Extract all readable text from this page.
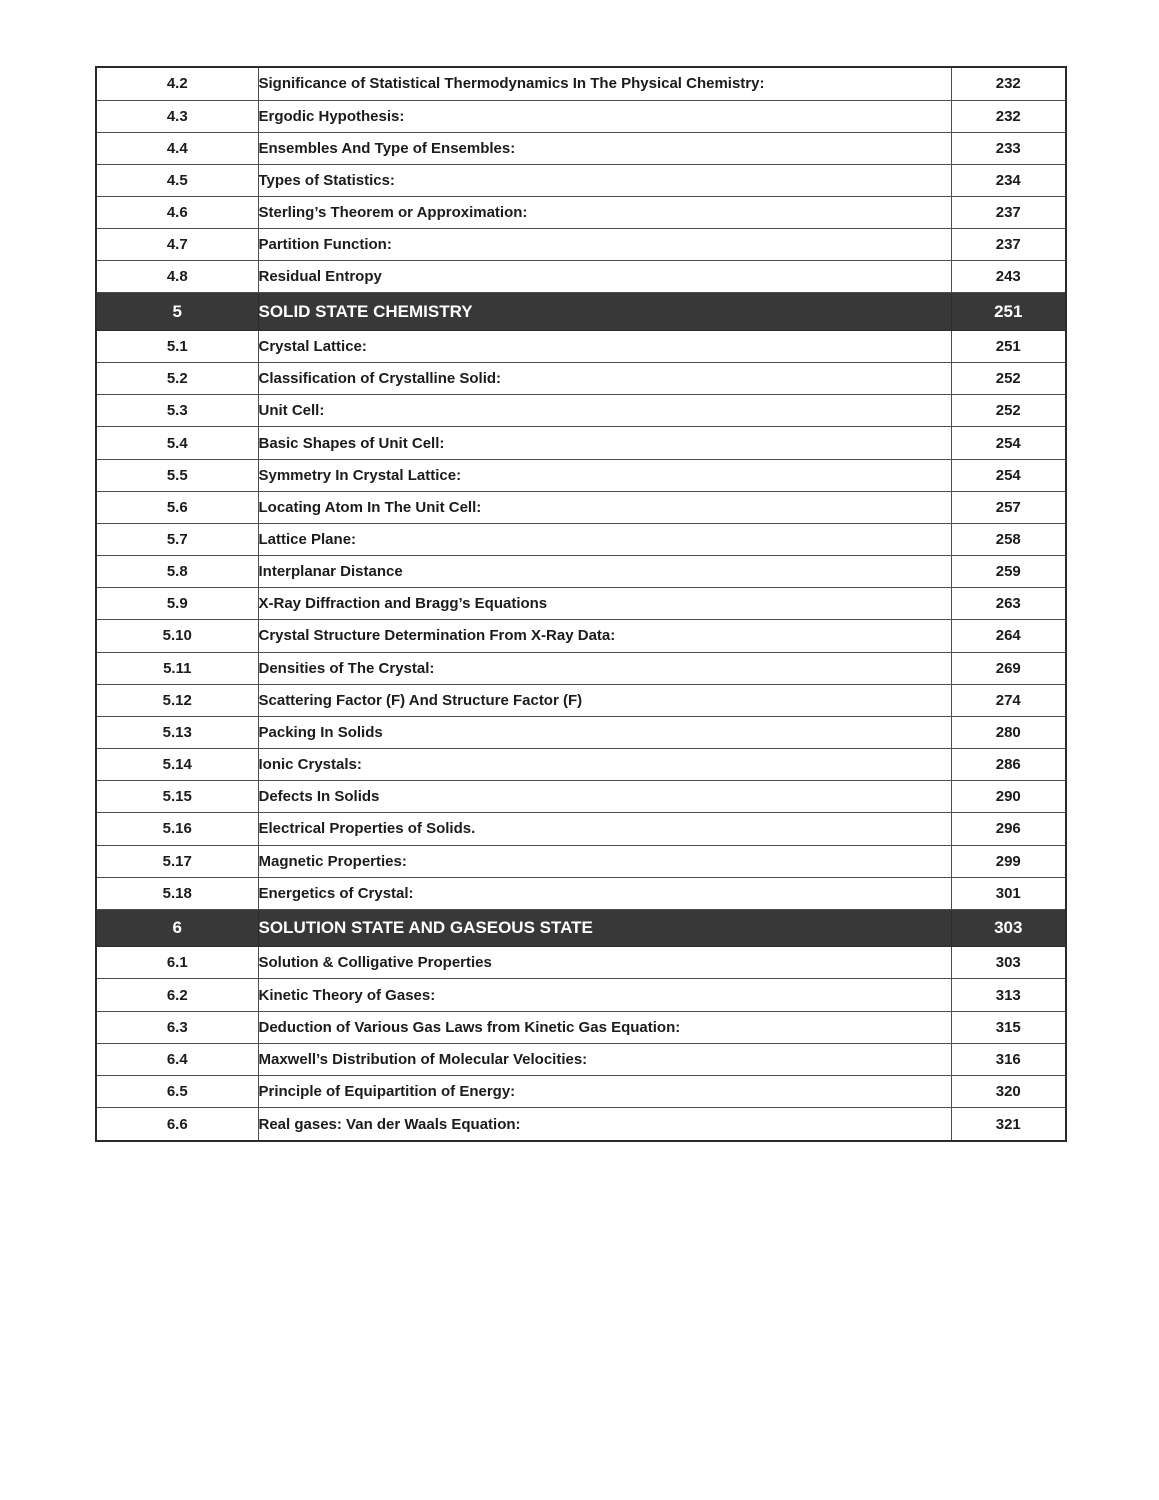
4.2	Significance of Statistical Thermodynamics In The Physical Chemistry:	232
4.3	Ergodic Hypothesis:	232
4.4	Ensembles And Type of Ensembles:	233
4.5	Types of Statistics:	234
4.6	Sterling’s Theorem or Approximation:	237
4.7	Partition Function:	237
4.8	Residual Entropy	243
5	SOLID STATE CHEMISTRY	251
5.1	Crystal Lattice:	251
5.2	Classification of Crystalline Solid:	252
5.3	Unit Cell:	252
5.4	Basic Shapes of Unit Cell:	254
5.5	Symmetry In Crystal Lattice:	254
5.6	Locating Atom In The Unit Cell:	257
5.7	Lattice Plane:	258
5.8	Interplanar Distance	259
5.9	X-Ray Diffraction and Bragg’s Equations	263
5.10	Crystal Structure Determination From X-Ray Data:	264
5.11	Densities of The Crystal:	269
5.12	Scattering Factor (F) And Structure Factor (F)	274
5.13	Packing In Solids	280
5.14	Ionic Crystals:	286
5.15	Defects In Solids	290
5.16	Electrical Properties of Solids.	296
5.17	Magnetic Properties:	299
5.18	Energetics of Crystal:	301
6	SOLUTION STATE AND GASEOUS STATE	303
6.1	Solution & Colligative Properties	303
6.2	Kinetic Theory of Gases:	313
6.3	Deduction of Various Gas Laws from Kinetic Gas Equation:	315
6.4	Maxwell’s Distribution of Molecular Velocities:	316
6.5	Principle of Equipartition of Energy:	320
6.6	Real gases: Van der Waals Equation:	321
